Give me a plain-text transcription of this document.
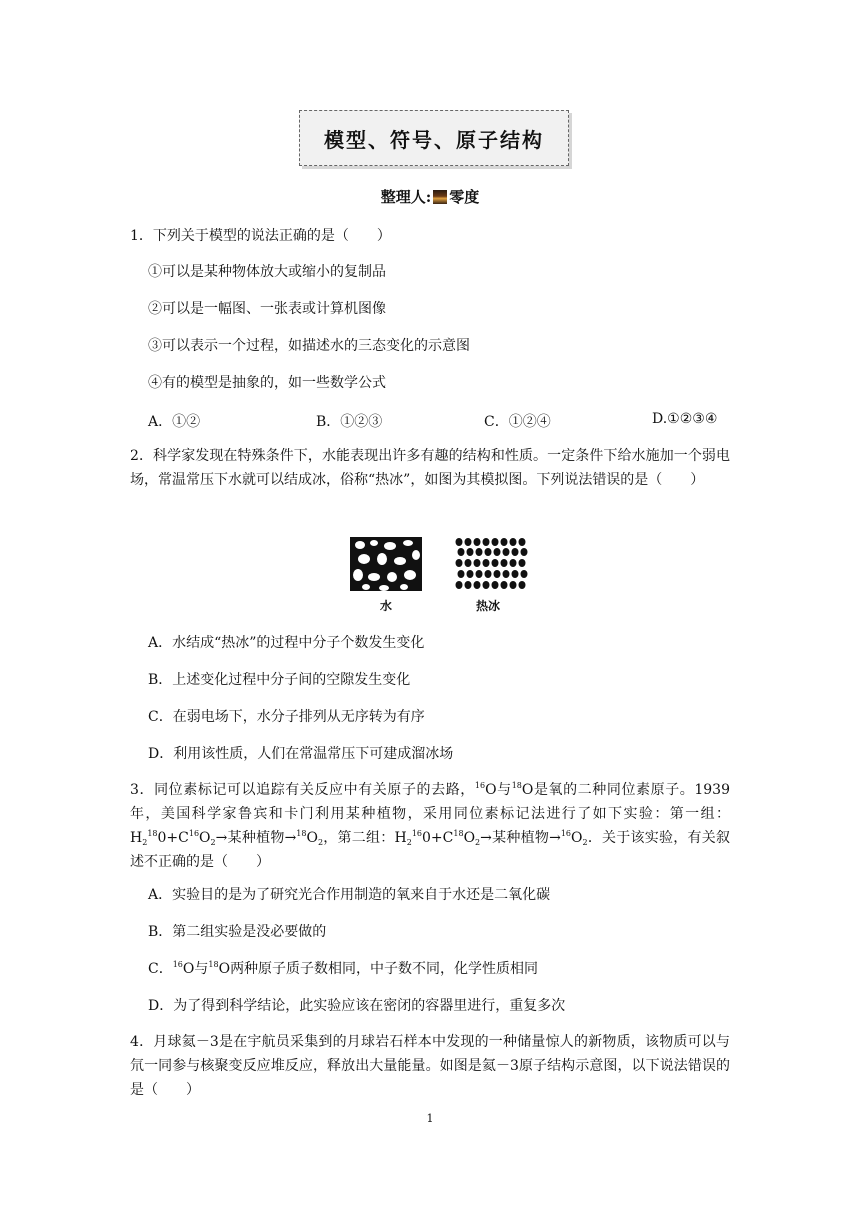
模型、符号、原子结构
整理人: 零度
1．下列关于模型的说法正确的是（　　）
①可以是某种物体放大或缩小的复制品
②可以是一幅图、一张表或计算机图像
③可以表示一个过程，如描述水的三态变化的示意图
④有的模型是抽象的，如一些数学公式
A．①②	B．①②③	C．①②④	D.①②③④
2．科学家发现在特殊条件下，水能表现出许多有趣的结构和性质。一定条件下给水施加一个弱电场，常温常压下水就可以结成冰，俗称“热冰”，如图为其模拟图。下列说法错误的是（　　）
水	热冰
A．水结成“热冰”的过程中分子个数发生变化
B．上述变化过程中分子间的空隙发生变化
C．在弱电场下，水分子排列从无序转为有序
D．利用该性质，人们在常温常压下可建成溜冰场
3．同位素标记可以追踪有关反应中有关原子的去路，$^{16}$O与$^{18}$O是氧的二种同位素原子。1939年，美国科学家鲁宾和卡门利用某种植物，采用同位素标记法进行了如下实验：第一组：$H_2^{18}0+C^{16}O_2\to$某种植物$\to^{18}O_2$，第二组：$H_2^{16}0+C^{18}O_2\to$某种植物$\to^{16}O_2$．关于该实验，有关叙述不正确的是（　　）
A．实验目的是为了研究光合作用制造的氧来自于水还是二氧化碳
B．第二组实验是没必要做的
C．$^{16}$O与$^{18}$O两种原子质子数相同，中子数不同，化学性质相同
D．为了得到科学结论，此实验应该在密闭的容器里进行，重复多次
4．月球氦－3是在宇航员采集到的月球岩石样本中发现的一种储量惊人的新物质，该物质可以与氘一同参与核聚变反应堆反应，释放出大量能量。如图是氦－3原子结构示意图，以下说法错误的是（　　）
1
